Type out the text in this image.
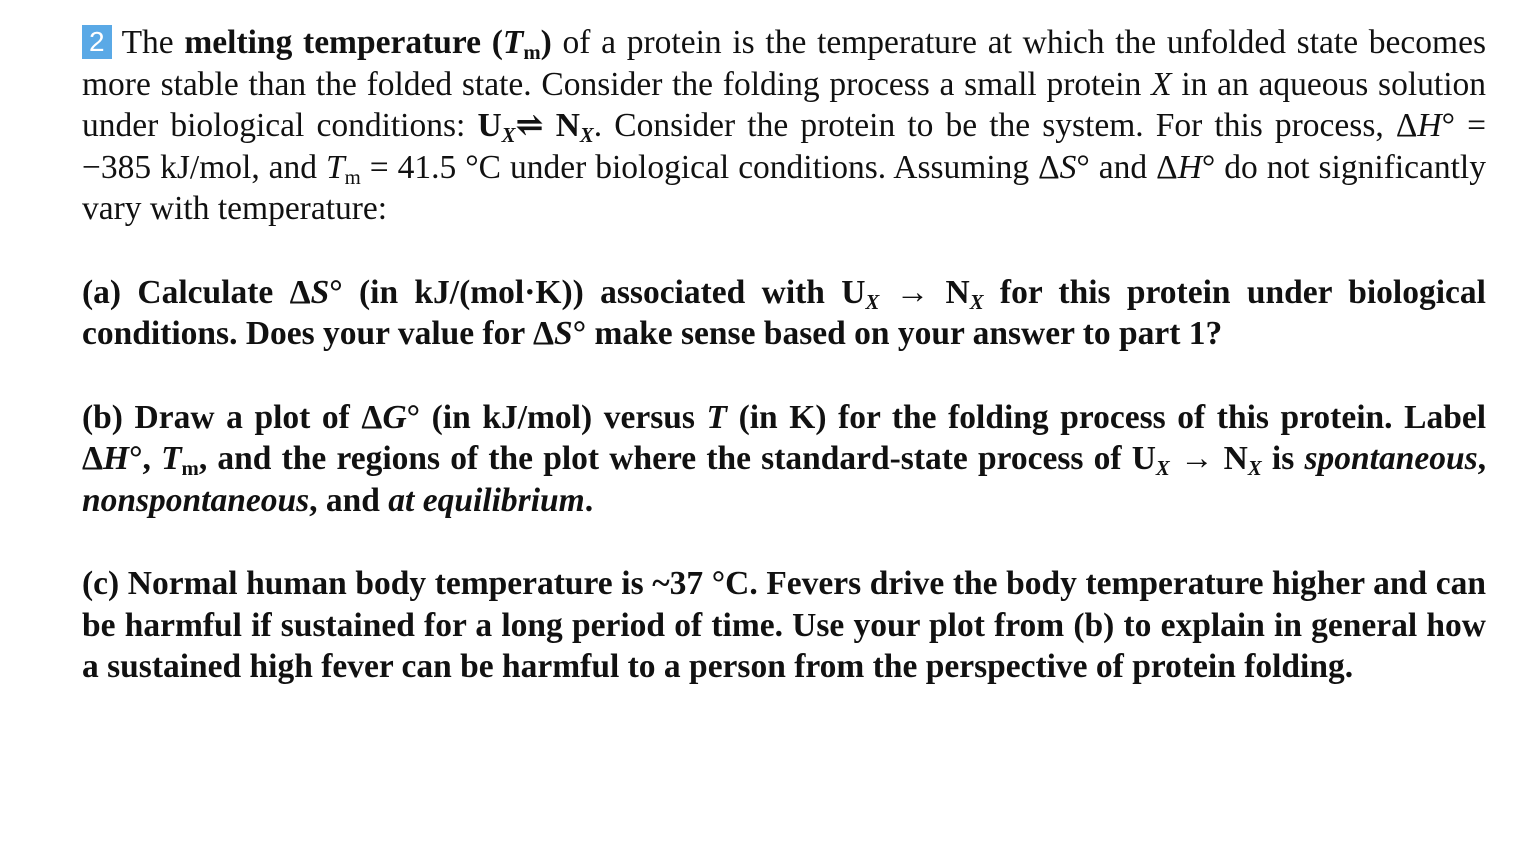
2 The melting temperature $(T_m)$ of a protein is the temperature at which the unfolded state becomes more stable than the folded state. Consider the folding process a small protein X in an aqueous solution under biological conditions: $U_X\rightleftharpoons$ $N_X$. Consider the protein to be the system. For this process, ΔH° = −385 kJ/mol, and $T_m = 41.5$ °C under biological conditions. Assuming ΔS° and ΔH° do not significantly vary with temperature:

(a) Calculate ΔS° (in kJ/(mol·K)) associated with $U_X \to N_X$ for this protein under biological conditions. Does your value for ΔS° make sense based on your answer to part 1?

(b) Draw a plot of ΔG° (in kJ/mol) versus T (in K) for the folding process of this protein. Label ΔH°, $T_m$, and the regions of the plot where the standard-state process of $U_X \to N_X$ is spontaneous, nonspontaneous, and at equilibrium.

(c) Normal human body temperature is ~37 °C. Fevers drive the body temperature higher and can be harmful if sustained for a long period of time. Use your plot from (b) to explain in general how a sustained high fever can be harmful to a person from the perspective of protein folding.
